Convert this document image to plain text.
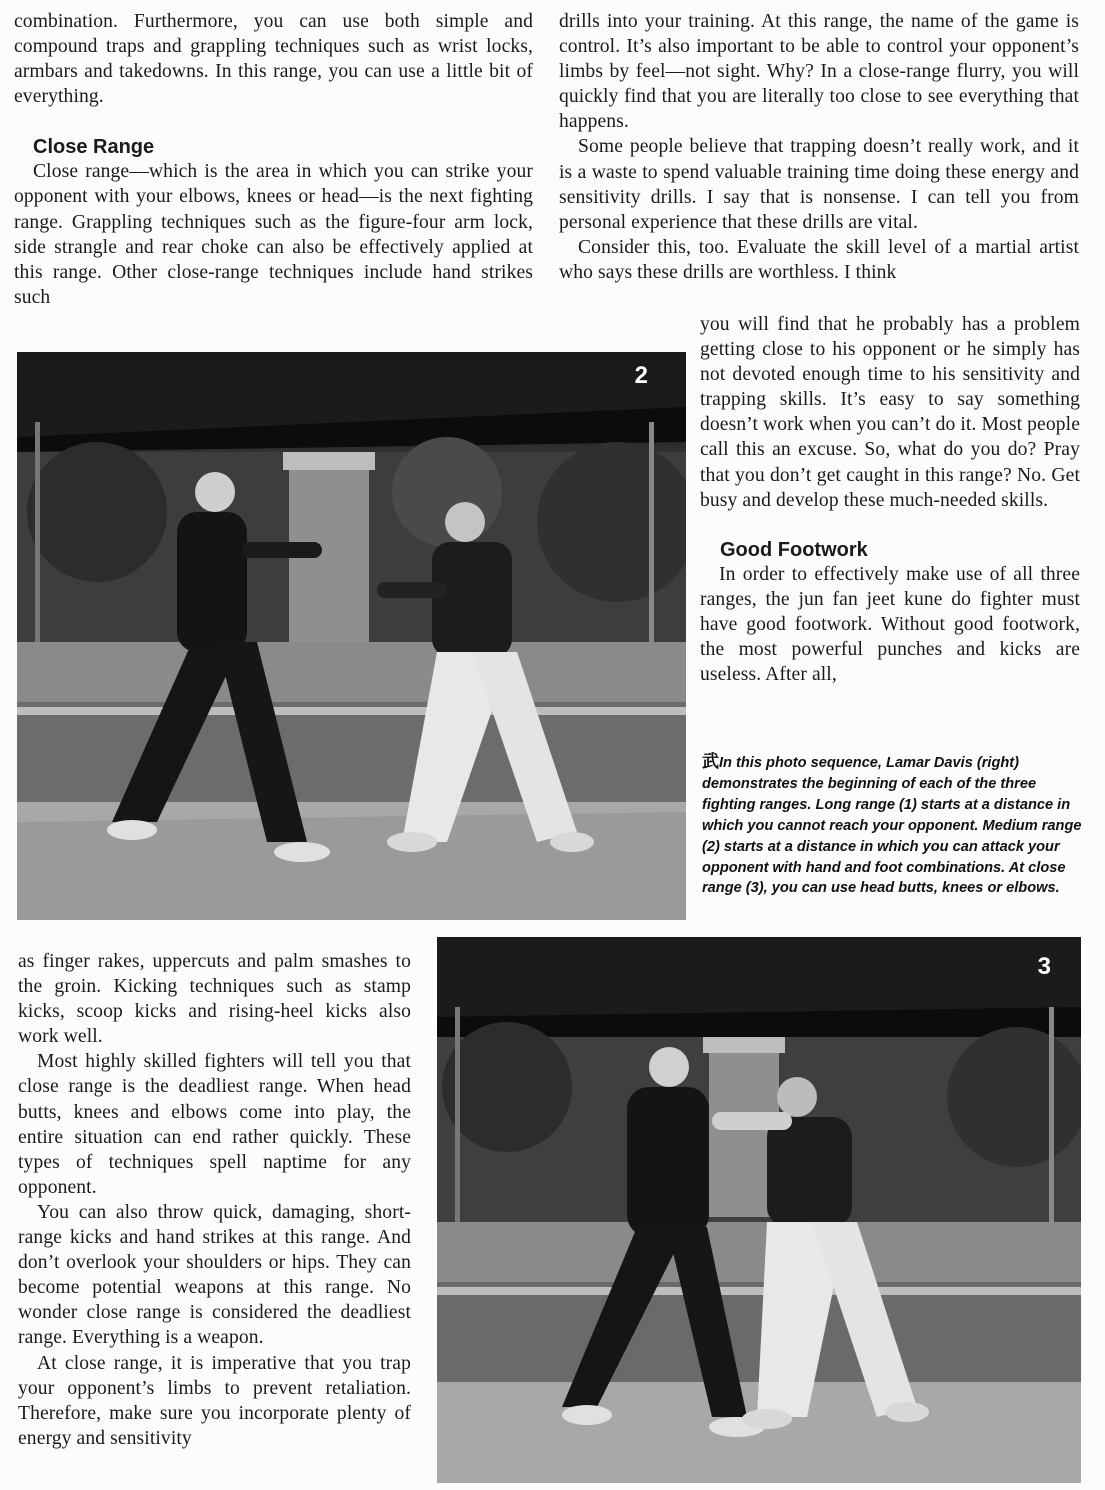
combination. Furthermore, you can use both simple and compound traps and grappling techniques such as wrist locks, armbars and takedowns. In this range, you can use a little bit of everything.

Close Range

Close range—which is the area in which you can strike your opponent with your elbows, knees or head—is the next fighting range. Grappling techniques such as the figure-four arm lock, side strangle and rear choke can also be effectively applied at this range. Other close-range techniques include hand strikes such

drills into your training. At this range, the name of the game is control. It’s also important to be able to control your opponent’s limbs by feel—not sight. Why? In a close-range flurry, you will quickly find that you are literally too close to see everything that happens.

Some people believe that trapping doesn’t really work, and it is a waste to spend valuable training time doing these energy and sensitivity drills. I say that is nonsense. I can tell you from personal experience that these drills are vital.

Consider this, too. Evaluate the skill level of a martial artist who says these drills are worthless. I think

you will find that he probably has a problem getting close to his opponent or he simply has not devoted enough time to his sensitivity and trapping skills. It’s easy to say something doesn’t work when you can’t do it. Most people call this an excuse. So, what do you do? Pray that you don’t get caught in this range? No. Get busy and develop these much-needed skills.

Good Footwork

In order to effectively make use of all three ranges, the jun fan jeet kune do fighter must have good footwork. Without good footwork, the most powerful punches and kicks are useless. After all,

武In this photo sequence, Lamar Davis (right) demonstrates the beginning of each of the three fighting ranges. Long range (1) starts at a distance in which you cannot reach your opponent. Medium range (2) starts at a distance in which you can attack your opponent with hand and foot combinations. At close range (3), you can use head butts, knees or elbows.

2
3

as finger rakes, uppercuts and palm smashes to the groin. Kicking techniques such as stamp kicks, scoop kicks and rising-heel kicks also work well.

Most highly skilled fighters will tell you that close range is the deadliest range. When head butts, knees and elbows come into play, the entire situation can end rather quickly. These types of techniques spell naptime for any opponent.

You can also throw quick, damaging, short-range kicks and hand strikes at this range. And don’t overlook your shoulders or hips. They can become potential weapons at this range. No wonder close range is considered the deadliest range. Everything is a weapon.

At close range, it is imperative that you trap your opponent’s limbs to prevent retaliation. Therefore, make sure you incorporate plenty of energy and sensitivity
